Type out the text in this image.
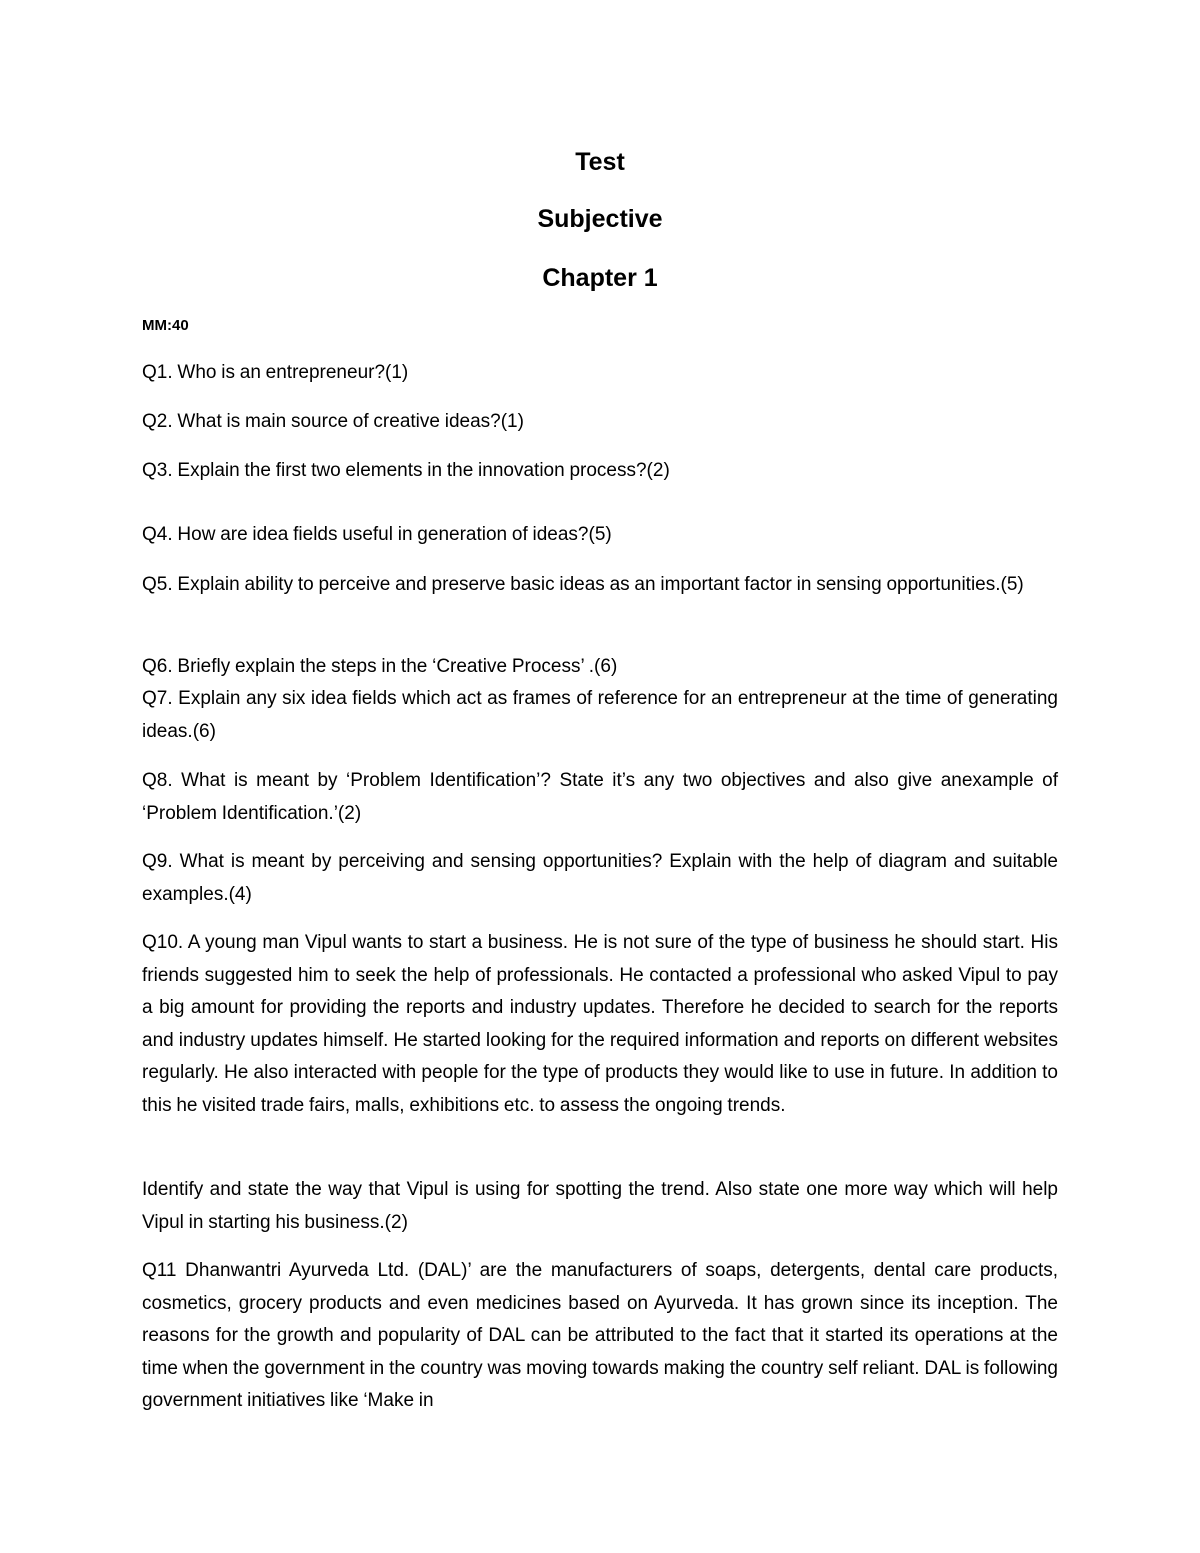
Test
Subjective
Chapter 1

MM:40

Q1. Who is an entrepreneur?(1)

Q2. What is main source of creative ideas?(1)

Q3. Explain the first two elements in the innovation process?(2)

Q4. How are idea fields useful in generation of ideas?(5)

Q5. Explain ability to perceive and preserve basic ideas as an important factor in sensing opportunities.(5)

Q6. Briefly explain the steps in the ‘Creative Process’ .(6)

Q7. Explain any six idea fields which act as frames of reference for an entrepreneur at the time of generating ideas.(6)

Q8. What is meant by ‘Problem Identification’? State it’s any two objectives and also give anexample of ‘Problem Identification.’(2)

Q9. What is meant by perceiving and sensing opportunities? Explain with the help of diagram and suitable examples.(4)

Q10. A young man Vipul wants to start a business. He is not sure of the type of business he should start. His friends suggested him to seek the help of professionals. He contacted a professional who asked Vipul to pay a big amount for providing the reports and industry updates. Therefore he decided to search for the reports and industry updates himself. He started looking for the required information and reports on different websites regularly. He also interacted with people for the type of products they would like to use in future. In addition to this he visited trade fairs, malls, exhibitions etc. to assess the ongoing trends.

Identify and state the way that Vipul is using for spotting the trend. Also state one more way which will help Vipul in starting his business.(2)

Q11 Dhanwantri Ayurveda Ltd. (DAL)’ are the manufacturers of soaps, detergents, dental care products, cosmetics, grocery products and even medicines based on Ayurveda. It has grown since its inception. The reasons for the growth and popularity of DAL can be attributed to the fact that it started its operations at the time when the government in the country was moving towards making the country self reliant. DAL is following government initiatives like ‘Make in
